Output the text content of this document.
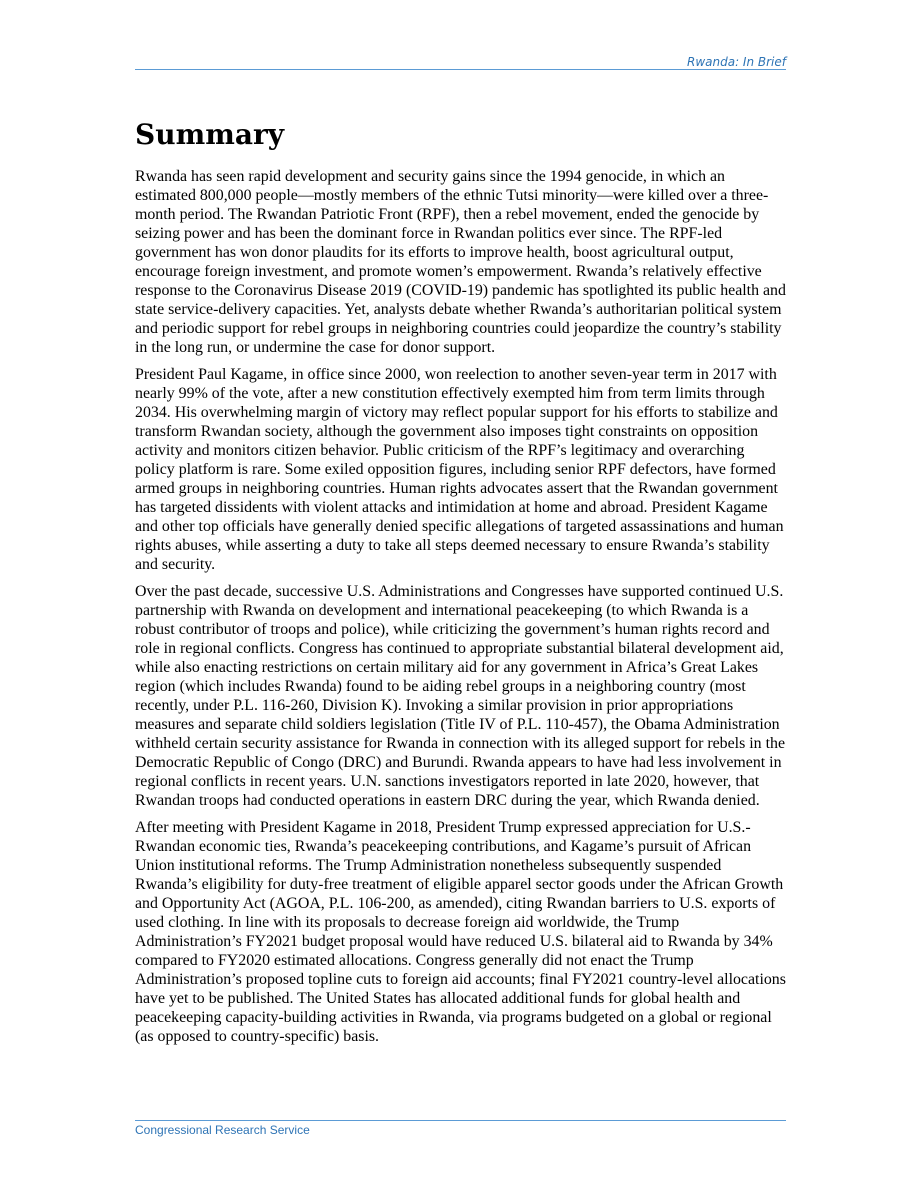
Rwanda: In Brief
Summary

Rwanda has seen rapid development and security gains since the 1994 genocide, in which an estimated 800,000 people—mostly members of the ethnic Tutsi minority—were killed over a three-month period. The Rwandan Patriotic Front (RPF), then a rebel movement, ended the genocide by seizing power and has been the dominant force in Rwandan politics ever since. The RPF-led government has won donor plaudits for its efforts to improve health, boost agricultural output, encourage foreign investment, and promote women’s empowerment. Rwanda’s relatively effective response to the Coronavirus Disease 2019 (COVID-19) pandemic has spotlighted its public health and state service-delivery capacities. Yet, analysts debate whether Rwanda’s authoritarian political system and periodic support for rebel groups in neighboring countries could jeopardize the country’s stability in the long run, or undermine the case for donor support.

President Paul Kagame, in office since 2000, won reelection to another seven-year term in 2017 with nearly 99% of the vote, after a new constitution effectively exempted him from term limits through 2034. His overwhelming margin of victory may reflect popular support for his efforts to stabilize and transform Rwandan society, although the government also imposes tight constraints on opposition activity and monitors citizen behavior. Public criticism of the RPF’s legitimacy and overarching policy platform is rare. Some exiled opposition figures, including senior RPF defectors, have formed armed groups in neighboring countries. Human rights advocates assert that the Rwandan government has targeted dissidents with violent attacks and intimidation at home and abroad. President Kagame and other top officials have generally denied specific allegations of targeted assassinations and human rights abuses, while asserting a duty to take all steps deemed necessary to ensure Rwanda’s stability and security.

Over the past decade, successive U.S. Administrations and Congresses have supported continued U.S. partnership with Rwanda on development and international peacekeeping (to which Rwanda is a robust contributor of troops and police), while criticizing the government’s human rights record and role in regional conflicts. Congress has continued to appropriate substantial bilateral development aid, while also enacting restrictions on certain military aid for any government in Africa’s Great Lakes region (which includes Rwanda) found to be aiding rebel groups in a neighboring country (most recently, under P.L. 116-260, Division K). Invoking a similar provision in prior appropriations measures and separate child soldiers legislation (Title IV of P.L. 110-457), the Obama Administration withheld certain security assistance for Rwanda in connection with its alleged support for rebels in the Democratic Republic of Congo (DRC) and Burundi. Rwanda appears to have had less involvement in regional conflicts in recent years. U.N. sanctions investigators reported in late 2020, however, that Rwandan troops had conducted operations in eastern DRC during the year, which Rwanda denied.

After meeting with President Kagame in 2018, President Trump expressed appreciation for U.S.-Rwandan economic ties, Rwanda’s peacekeeping contributions, and Kagame’s pursuit of African Union institutional reforms. The Trump Administration nonetheless subsequently suspended Rwanda’s eligibility for duty-free treatment of eligible apparel sector goods under the African Growth and Opportunity Act (AGOA, P.L. 106-200, as amended), citing Rwandan barriers to U.S. exports of used clothing. In line with its proposals to decrease foreign aid worldwide, the Trump Administration’s FY2021 budget proposal would have reduced U.S. bilateral aid to Rwanda by 34% compared to FY2020 estimated allocations. Congress generally did not enact the Trump Administration’s proposed topline cuts to foreign aid accounts; final FY2021 country-level allocations have yet to be published. The United States has allocated additional funds for global health and peacekeeping capacity-building activities in Rwanda, via programs budgeted on a global or regional (as opposed to country-specific) basis.

Congressional Research Service
